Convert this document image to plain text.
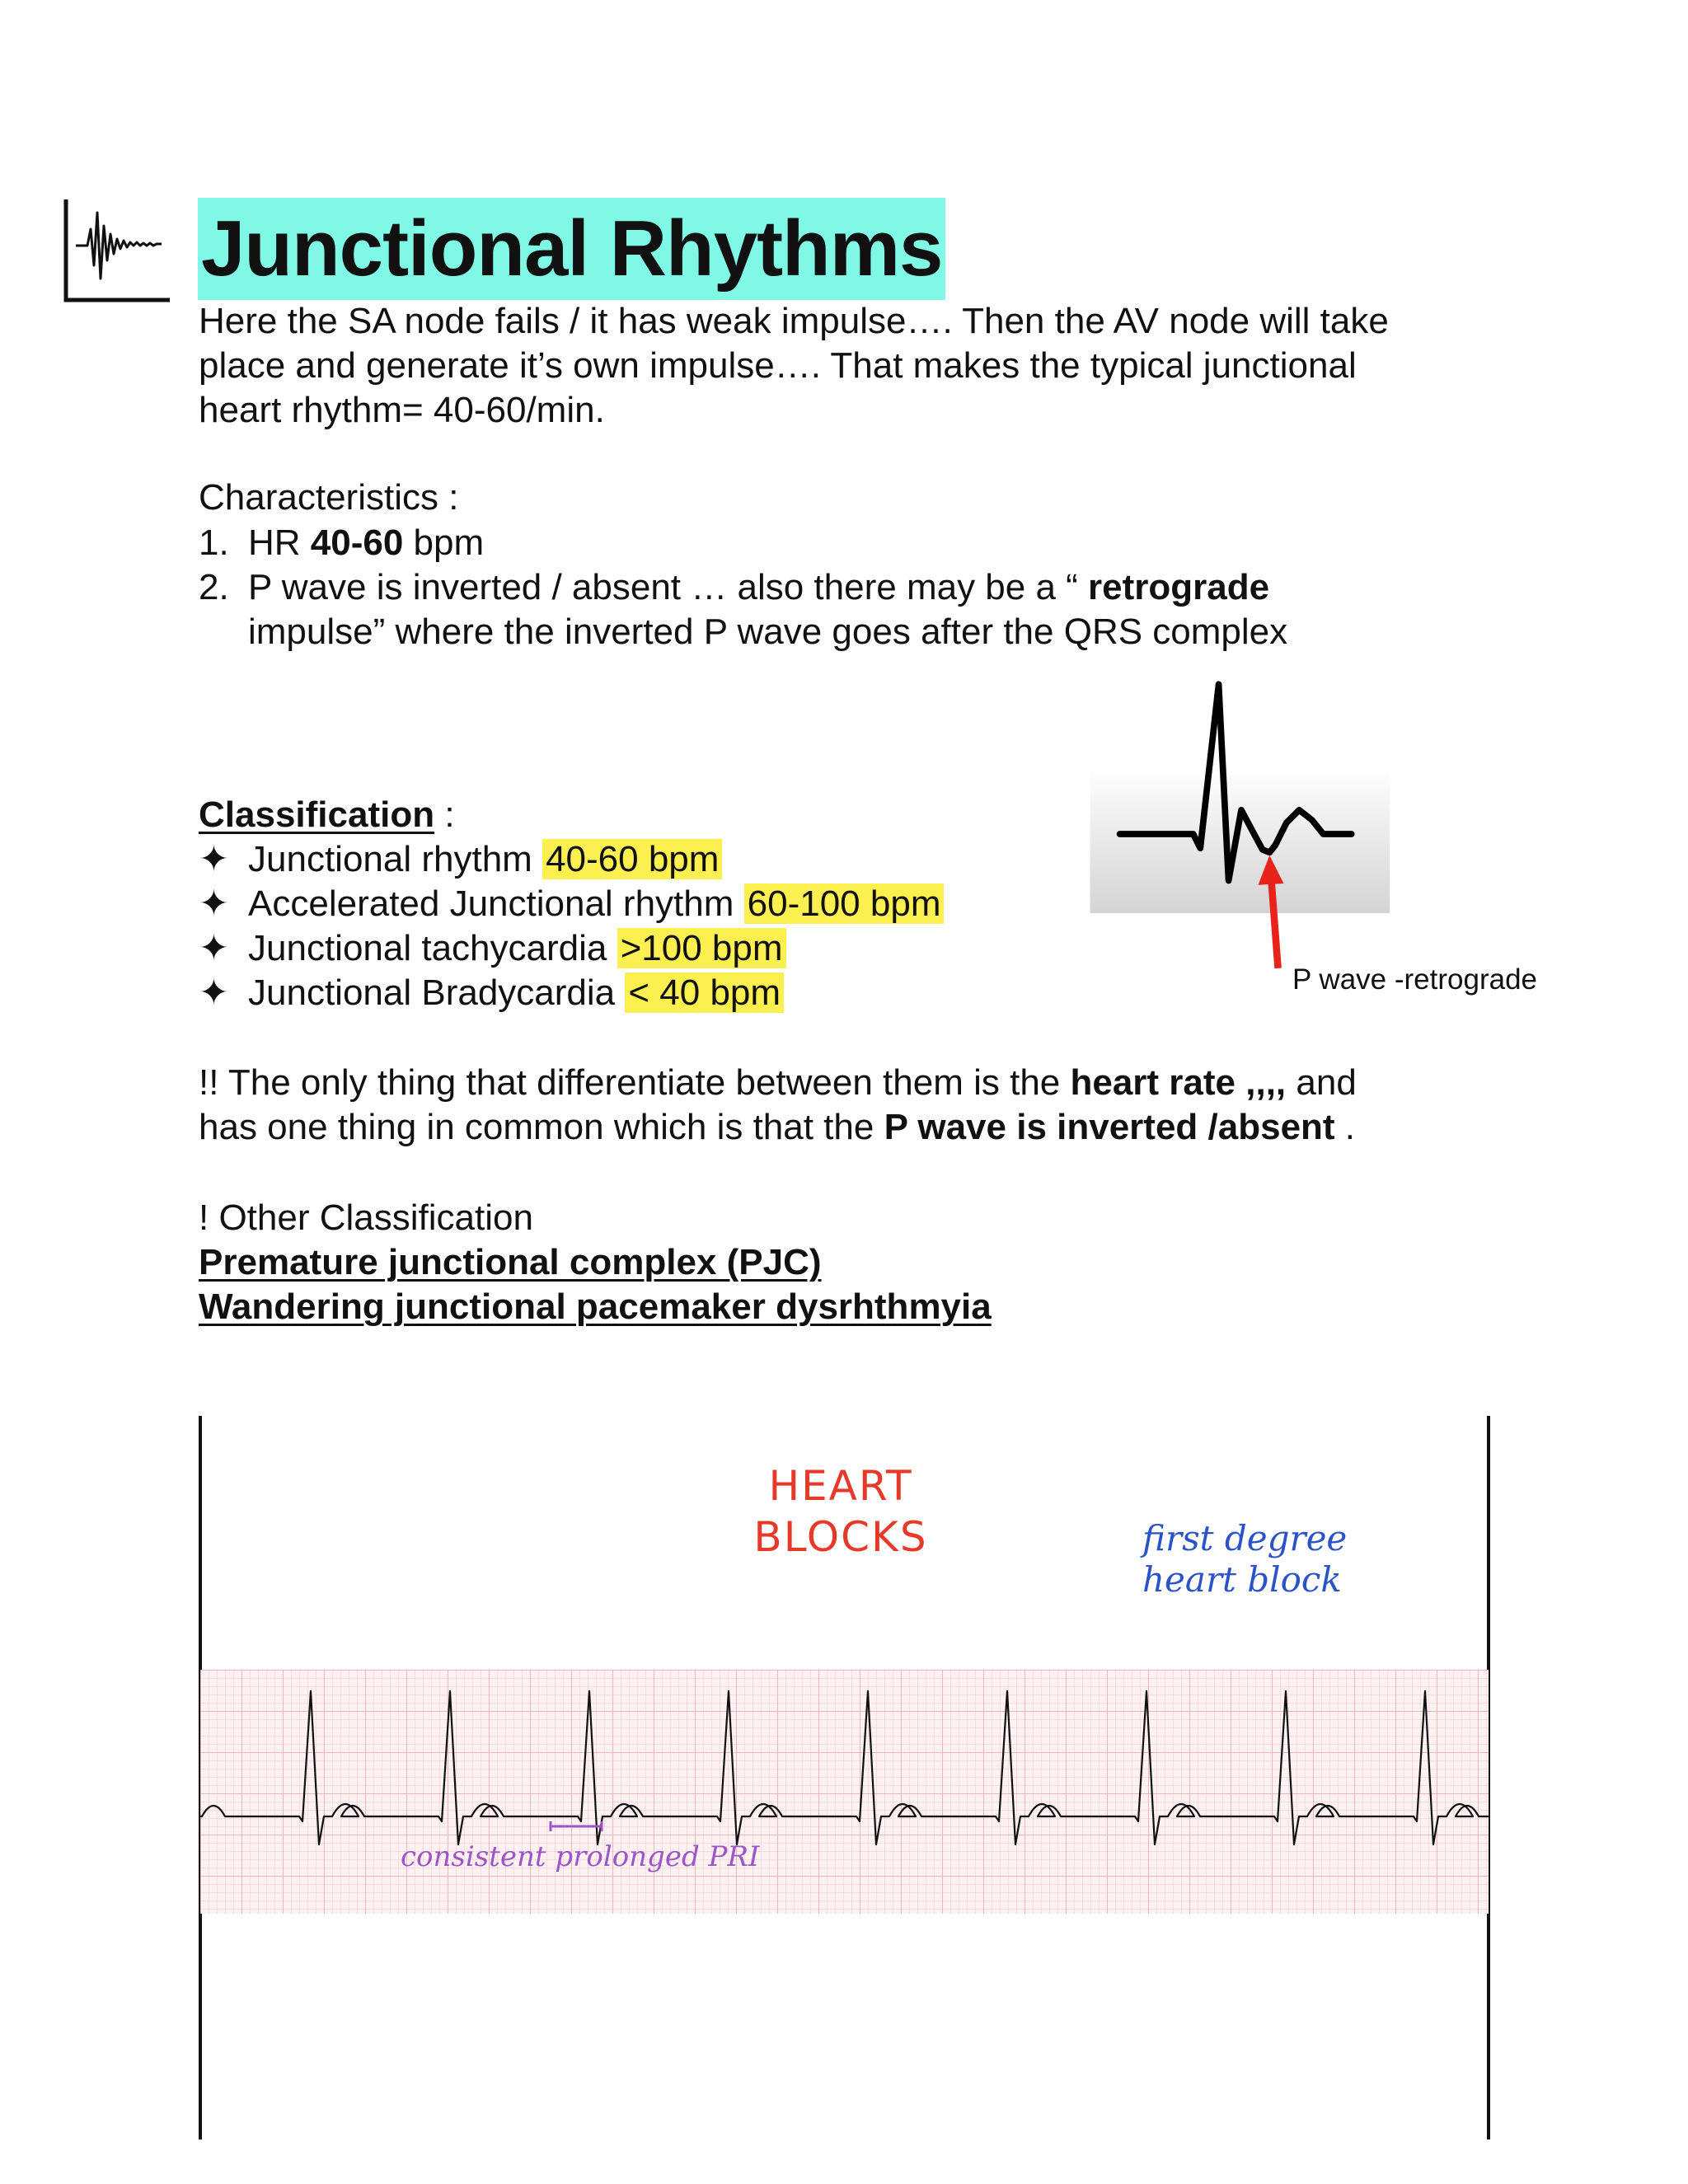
Junctional Rhythms
Here the SA node fails / it has weak impulse…. Then the AV node will take
place and generate it’s own impulse…. That makes the typical junctional
heart rhythm= 40-60/min.
Characteristics :
1. HR 40-60 bpm
2. P wave is inverted / absent … also there may be a “ retrograde
impulse” where the inverted P wave goes after the QRS complex
Classification :
✦ Junctional rhythm 40-60 bpm
✦ Accelerated Junctional rhythm 60-100 bpm
✦ Junctional tachycardia >100 bpm
✦ Junctional Bradycardia < 40 bpm	P wave -retrograde
!! The only thing that differentiate between them is the heart rate ,,,, and
has one thing in common which is that the P wave is inverted /absent .
! Other Classification
Premature junctional complex (PJC)
Wandering junctional pacemaker dysrhthmyia
HEART
BLOCKS	first degree
heart block
consistent prolonged PRI
